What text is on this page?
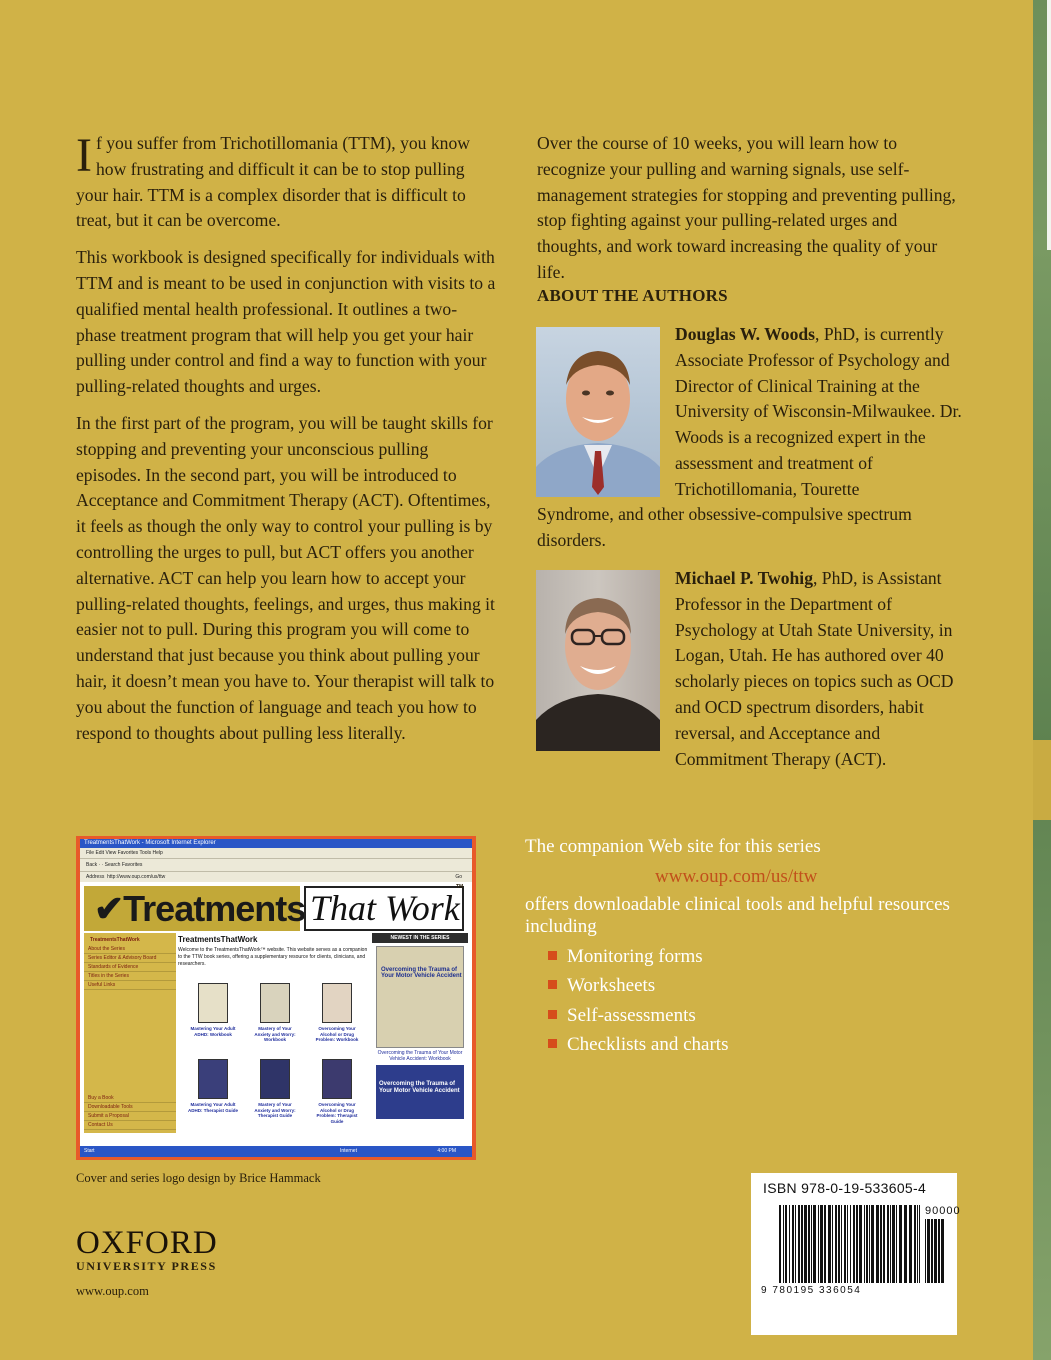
If you suffer from Trichotillomania (TTM), you know how frustrating and difficult it can be to stop pulling your hair. TTM is a complex disorder that is difficult to treat, but it can be overcome.

This workbook is designed specifically for individuals with TTM and is meant to be used in conjunction with visits to a qualified mental health professional. It outlines a two-phase treatment program that will help you get your hair pulling under control and find a way to function with your pulling-related thoughts and urges.

In the first part of the program, you will be taught skills for stopping and preventing your unconscious pulling episodes. In the second part, you will be introduced to Acceptance and Commitment Therapy (ACT). Oftentimes, it feels as though the only way to control your pulling is by controlling the urges to pull, but ACT offers you another alternative. ACT can help you learn how to accept your pulling-related thoughts, feelings, and urges, thus making it easier not to pull. During this program you will come to understand that just because you think about pulling your hair, it doesn’t mean you have to. Your therapist will talk to you about the function of language and teach you how to respond to thoughts about pulling less literally.

Over the course of 10 weeks, you will learn how to recognize your pulling and warning signals, use self-management strategies for stopping and preventing pulling, stop fighting against your pulling-related urges and thoughts, and work toward increasing the quality of your life.

ABOUT THE AUTHORS
Douglas W. Woods, PhD, is currently Associate Professor of Psychology and Director of Clinical Training at the University of Wisconsin-Milwaukee. Dr. Woods is a recognized expert in the assessment and treatment of Trichotillomania, Tourette
Syndrome, and other obsessive-compulsive spectrum disorders.
Michael P. Twohig, PhD, is Assistant Professor in the Department of Psychology at Utah State University, in Logan, Utah. He has authored over 40 scholarly pieces on topics such as OCD and OCD spectrum disorders, habit reversal, and Acceptance and Commitment Therapy (ACT).
TreatmentsThatWork - Microsoft Internet Explorer
File Edit View Favorites Tools Help
Back · · Search Favorites
Address http://www.oup.com/us/ttw	Go
✔Treatments That Work
TM
TreatmentsThatWork
About the Series
Series Editor & Advisory Board
Standards of Evidence
Titles in the Series
Useful Links
Buy a Book
Downloadable Tools
Submit a Proposal
Contact Us
TreatmentsThatWork
Welcome to the TreatmentsThatWork™ website. This website serves as a companion to the TTW book series, offering a supplementary resource for clients, clinicians, and researchers.
Mastering Your Adult ADHD: Workbook
Mastery of Your Anxiety and Worry: Workbook
Overcoming Your Alcohol or Drug Problem: Workbook
Mastering Your Adult ADHD: Therapist Guide
Mastery of Your Anxiety and Worry: Therapist Guide
Overcoming Your Alcohol or Drug Problem: Therapist Guide
NEWEST IN THE SERIES
Overcoming the Trauma of Your Motor Vehicle Accident
Overcoming the Trauma of Your Motor Vehicle Accident: Workbook
Overcoming the Trauma of Your Motor Vehicle Accident
Start	Internet	4:00 PM
Cover and series logo design by Brice Hammack
OXFORD
UNIVERSITY PRESS
www.oup.com
The companion Web site for this series
www.oup.com/us/ttw
offers downloadable clinical tools and helpful resources including
Monitoring forms
Worksheets
Self-assessments
Checklists and charts
ISBN 978-0-19-533605-4
90000
9 780195 336054
